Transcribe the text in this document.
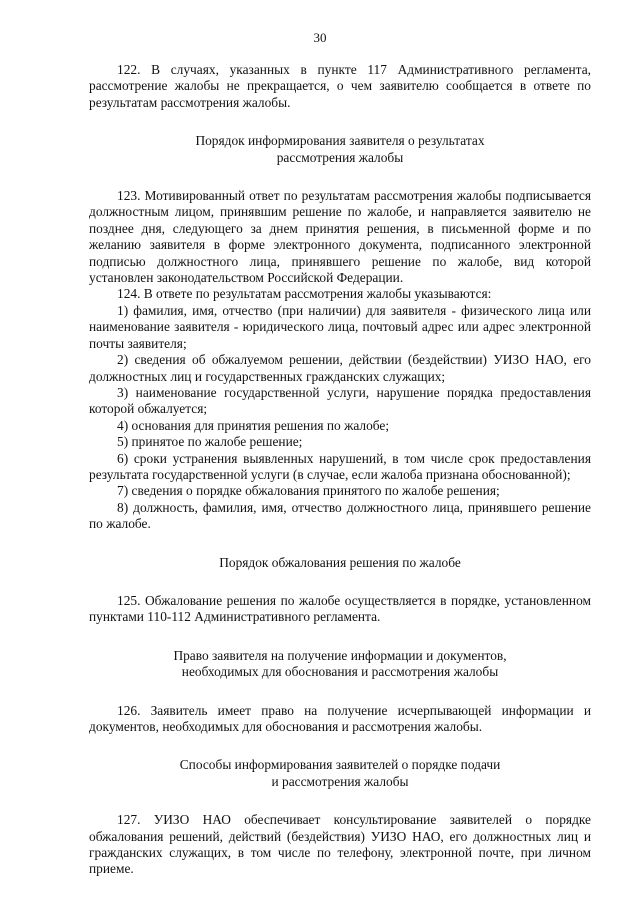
30

122. В случаях, указанных в пункте 117 Административного регламента, рассмотрение жалобы не прекращается, о чем заявителю сообщается в ответе по результатам рассмотрения жалобы.

Порядок информирования заявителя о результатах
рассмотрения жалобы

123. Мотивированный ответ по результатам рассмотрения жалобы подписывается должностным лицом, принявшим решение по жалобе, и направляется заявителю не позднее дня, следующего за днем принятия решения, в письменной форме и по желанию заявителя в форме электронного документа, подписанного электронной подписью должностного лица, принявшего решение по жалобе, вид которой установлен законодательством Российской Федерации.

124. В ответе по результатам рассмотрения жалобы указываются:

1) фамилия, имя, отчество (при наличии) для заявителя - физического лица или наименование заявителя - юридического лица, почтовый адрес или адрес электронной почты заявителя;

2) сведения об обжалуемом решении, действии (бездействии) УИЗО НАО, его должностных лиц и государственных гражданских служащих;

3) наименование государственной услуги, нарушение порядка предоставления которой обжалуется;

4) основания для принятия решения по жалобе;

5) принятое по жалобе решение;

6) сроки устранения выявленных нарушений, в том числе срок предоставления результата государственной услуги (в случае, если жалоба признана обоснованной);

7) сведения о порядке обжалования принятого по жалобе решения;

8) должность, фамилия, имя, отчество должностного лица, принявшего решение по жалобе.

Порядок обжалования решения по жалобе

125. Обжалование решения по жалобе осуществляется в порядке, установленном пунктами 110-112 Административного регламента.

Право заявителя на получение информации и документов,
необходимых для обоснования и рассмотрения жалобы

126. Заявитель имеет право на получение исчерпывающей информации и документов, необходимых для обоснования и рассмотрения жалобы.

Способы информирования заявителей о порядке подачи
и рассмотрения жалобы

127. УИЗО НАО обеспечивает консультирование заявителей о порядке обжалования решений, действий (бездействия) УИЗО НАО, его должностных лиц и гражданских служащих, в том числе по телефону, электронной почте, при личном приеме.
